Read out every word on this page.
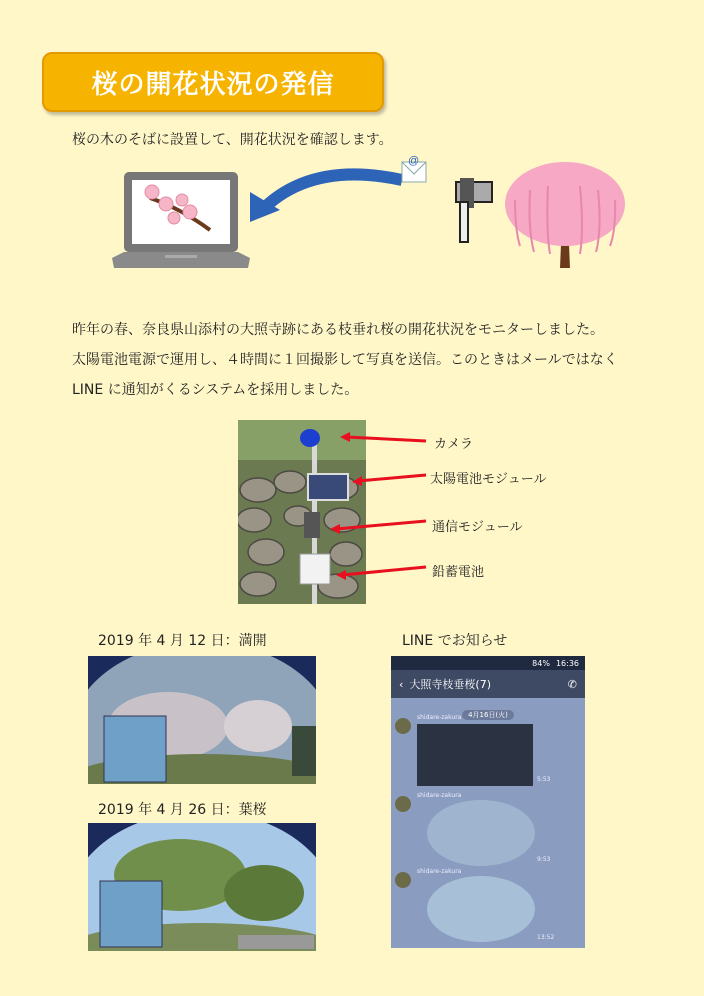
桜の開花状況の発信
桜の木のそばに設置して、開花状況を確認します。
@
昨年の春、奈良県山添村の大照寺跡にある枝垂れ桜の開花状況をモニターしました。
太陽電池電源で運用し、４時間に１回撮影して写真を送信。このときはメールではなく
LINE に通知がくるシステムを採用しました。
カメラ
太陽電池モジュール
通信モジュール
鉛蓄電池
2019 年 4 月 12 日：満開	LINE でお知らせ
2019 年 4 月 26 日：葉桜
84% 16:36
‹ 大照寺枝垂桜(7)	✆
4月16日(火)
shidare-zakura
5:53
shidare-zakura
9:53
shidare-zakura
13:52
